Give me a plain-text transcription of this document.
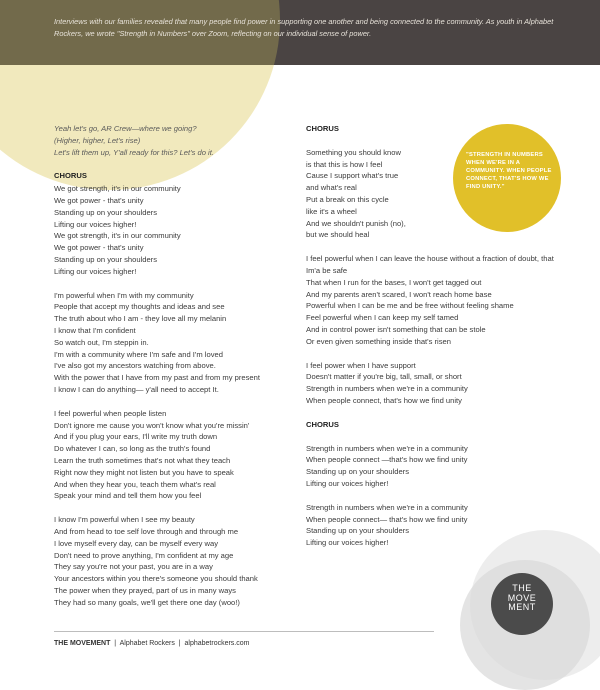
Interviews with our families revealed that many people find power in supporting one another and being connected to the community. As youth in Alphabet Rockers, we wrote "Strength in Numbers" over Zoom, reflecting on our individual sense of power.
Yeah let's go, AR Crew—where we going?
(Higher, higher, Let's rise)
Let's lift them up, Y'all ready for this? Let's do it.
CHORUS
We got strength, it's in our community
We got power - that's unity
Standing up on your shoulders
Lifting our voices higher!
We got strength, it's in our community
We got power - that's unity
Standing up on your shoulders
Lifting our voices higher!
I'm powerful when I'm with my community
People that accept my thoughts and ideas and see
The truth about who I am - they love all my melanin
I know that I'm confident
So watch out, I'm steppin in.
I'm with a community where I'm safe and I'm loved
I've also got my ancestors watching from above.
With the power that I have from my past and from my present
I know I can do anything— y'all need to accept It.
I feel powerful when people listen
Don't ignore me cause you won't know what you're missin'
And if you plug your ears, I'll write my truth down
Do whatever I can, so long as the truth's found
Learn the truth sometimes that's not what they teach
Right now they might not listen but you have to speak
And when they hear you, teach them what's real
Speak your mind and tell them how you feel
I know I'm powerful when I see my beauty
And from head to toe self love through and through me
I love myself every day, can be myself every way
Don't need to prove anything, I'm confident at my age
They say you're not your past, you are in a way
Your ancestors within you there's someone you should thank
The power when they prayed, part of us in many ways
They had so many goals, we'll get there one day (woo!)
CHORUS
Something you should know
is that this is how I feel
Cause I support what's true
and what's real
Put a break on this cycle
like it's a wheel
And we shouldn't punish (no),
but we should heal
I feel powerful when I can leave the house without a fraction of doubt, that Im'a be safe
That when I run for the bases, I won't get tagged out
And my parents aren't scared, I won't reach home base
Powerful when I can be me and be free without feeling shame
Feel powerful when I can keep my self tamed
And in control power isn't something that can be stole
Or even given something inside that's risen
I feel power when I have support
Doesn't matter if you're big, tall, small, or short
Strength in numbers when we're in a community
When people connect, that's how we find unity
CHORUS
Strength in numbers when we're in a community
When people connect —that's how we find unity
Standing up on your shoulders
Lifting our voices higher!
Strength in numbers when we're in a community
When people connect— that's how we find unity
Standing up on your shoulders
Lifting our voices higher!
"STRENGTH IN NUMBERS WHEN WE'RE IN A COMMUNITY. WHEN PEOPLE CONNECT, THAT'S HOW WE FIND UNITY."
THE
MOVE
MENT
THE MOVEMENT | Alphabet Rockers | alphabetrockers.com
